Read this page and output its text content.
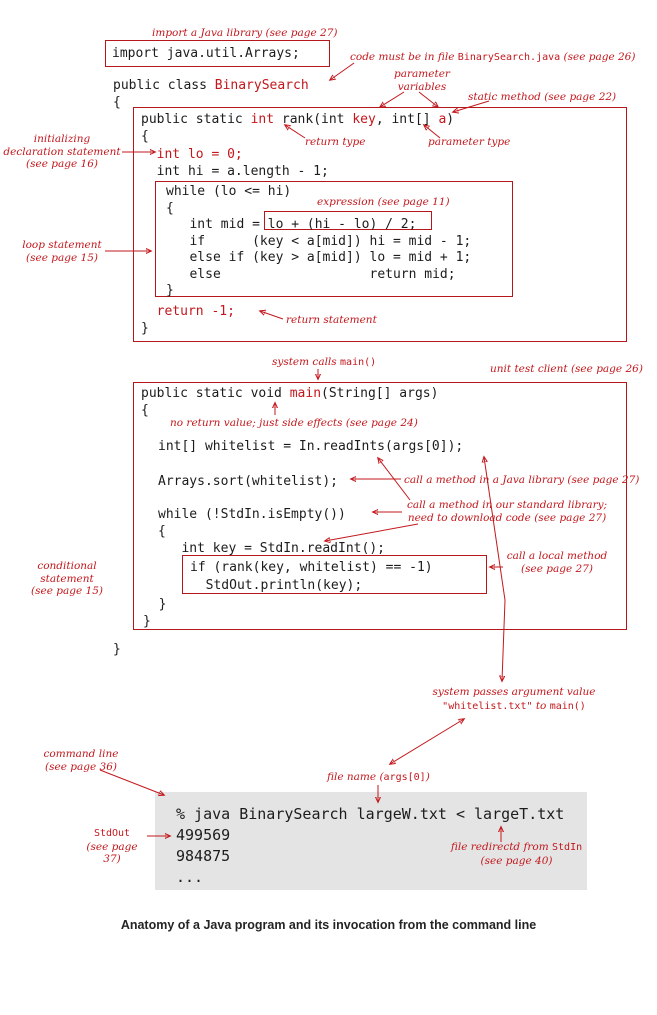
import java.util.Arrays;
public class BinarySearch
{
public static int rank(int key, int[] a)
{
int lo = 0;
int hi = a.length - 1;
while (lo <= hi)
{
int mid = lo + (hi - lo) / 2;
if      (key < a[mid]) hi = mid - 1;
else if (key > a[mid]) lo = mid + 1;
else                   return mid;
}
return -1;
}
public static void main(String[] args)
{
int[] whitelist = In.readInts(args[0]);
Arrays.sort(whitelist);
while (!StdIn.isEmpty())
{
int key = StdIn.readInt();
if (rank(key, whitelist) == -1)
StdOut.println(key);
}
}
}
% java BinarySearch largeW.txt < largeT.txt
499569
984875
...
import a Java library (see page 27)
code must be in file BinarySearch.java (see page 26)
parameter
variables
static method (see page 22)
return type	parameter type
initializing
declaration statement
(see page 16)
expression (see page 11)
loop statement
(see page 15)
return statement
system calls main()
unit test client (see page 26)
no return value; just side effects (see page 24)
call a method in a Java library (see page 27)
call a method in our standard library;
need to download code (see page 27)
call a local method
(see page 27)
conditional statement
(see page 15)
system passes argument value
"whitelist.txt" to main()
command line
(see page 36)
file name (args[0])
StdOut
(see page 37)
file redirectd from StdIn
(see page 40)
Anatomy of a Java program and its invocation from the command line
